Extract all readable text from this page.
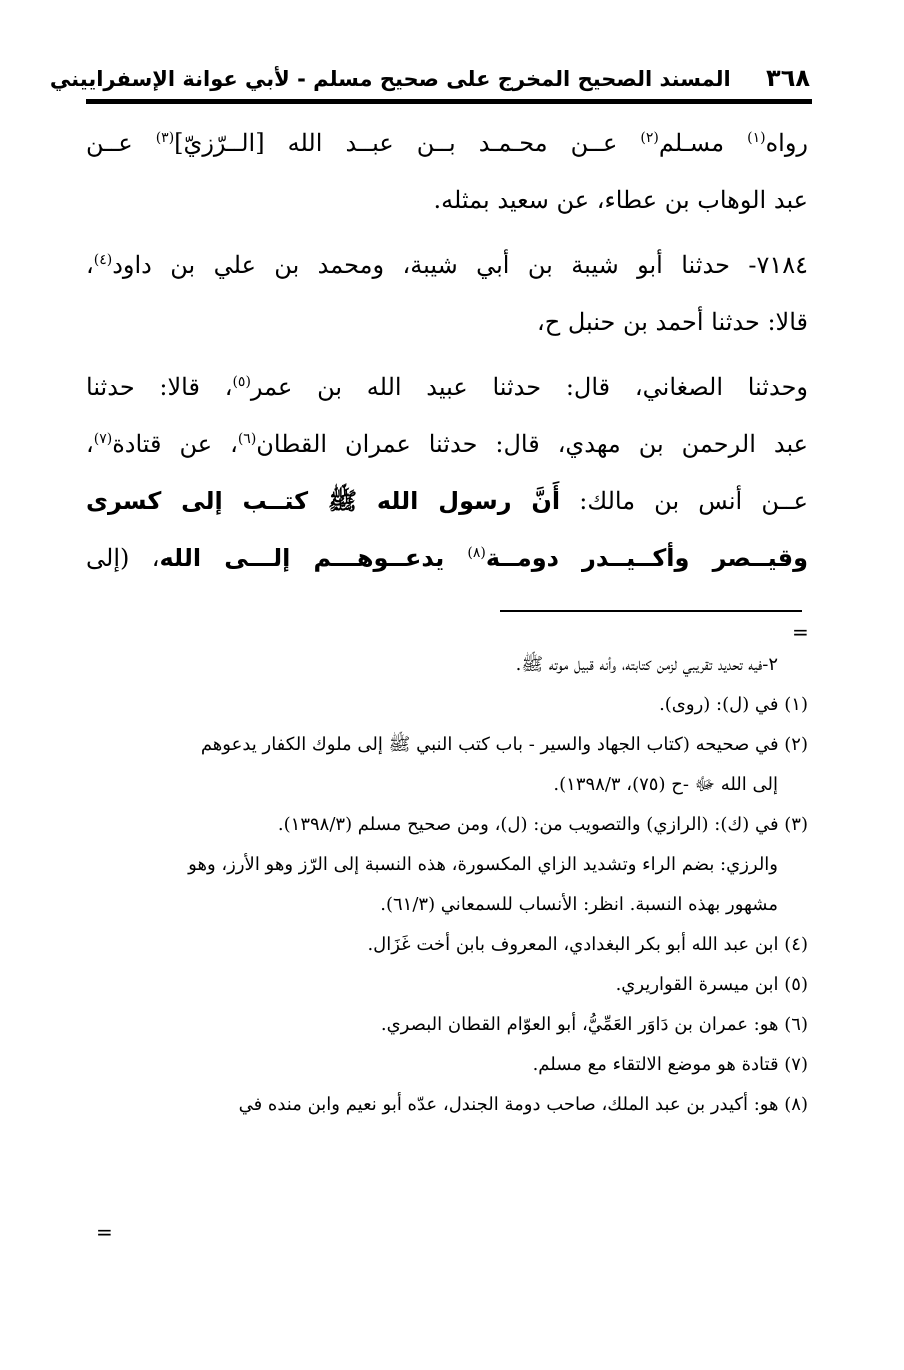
٣٦٨ المسند الصحيح المخرج على صحيح مسلم - لأبي عوانة الإسفراييني

رواه$^{(١)}$ مسـلم$^{(٢)}$ عــن محـمـد بــن عبــد الله [الــرّزيّ]$^{(٣)}$ عــن

عبد الوهاب بن عطاء، عن سعيد بمثله.

٧١٨٤- حدثنا أبو شيبة بن أبي شيبة، ومحمد بن علي بن داود$^{(٤)}$،

قالا: حدثنا أحمد بن حنبل ح،

وحدثنا الصغاني، قال: حدثنا عبيد الله بن عمر$^{(٥)}$، قالا: حدثنا

عبد الرحمن بن مهدي، قال: حدثنا عمران القطان$^{(٦)}$، عن قتادة$^{(٧)}$،

عــن أنس بن مالك: أَنَّ رسول الله ﷺ كتــب إلى كسرى

وقيــصر وأكــيــدر دومــة$^{(٨)}$ يدعــوهـــم إلـــى الله، (إلى

=

٢-فيه تحديد تقريبي لزمن كتابته، وأنه قبيل موته ﷺ.

(١) في (ل): (روى).

(٢) في صحيحه (كتاب الجهاد والسير - باب كتب النبي ﷺ إلى ملوك الكفار يدعوهم

إلى الله ﷻ -ح (٧٥)، ١٣٩٨/٣).

(٣) في (ك): (الرازي) والتصويب من: (ل)، ومن صحيح مسلم (١٣٩٨/٣).

والرزي: بضم الراء وتشديد الزاي المكسورة، هذه النسبة إلى الرّز وهو الأرز، وهو

مشهور بهذه النسبة. انظر: الأنساب للسمعاني (٦١/٣).

(٤) ابن عبد الله أبو بكر البغدادي، المعروف بابن أخت غَزَال.

(٥) ابن ميسرة القواريري.

(٦) هو: عمران بن دَاوَر العَمِّيُّ، أبو العوّام القطان البصري.

(٧) قتادة هو موضع الالتقاء مع مسلم.

(٨) هو: أكيدر بن عبد الملك، صاحب دومة الجندل، عدّه أبو نعيم وابن منده في

=
